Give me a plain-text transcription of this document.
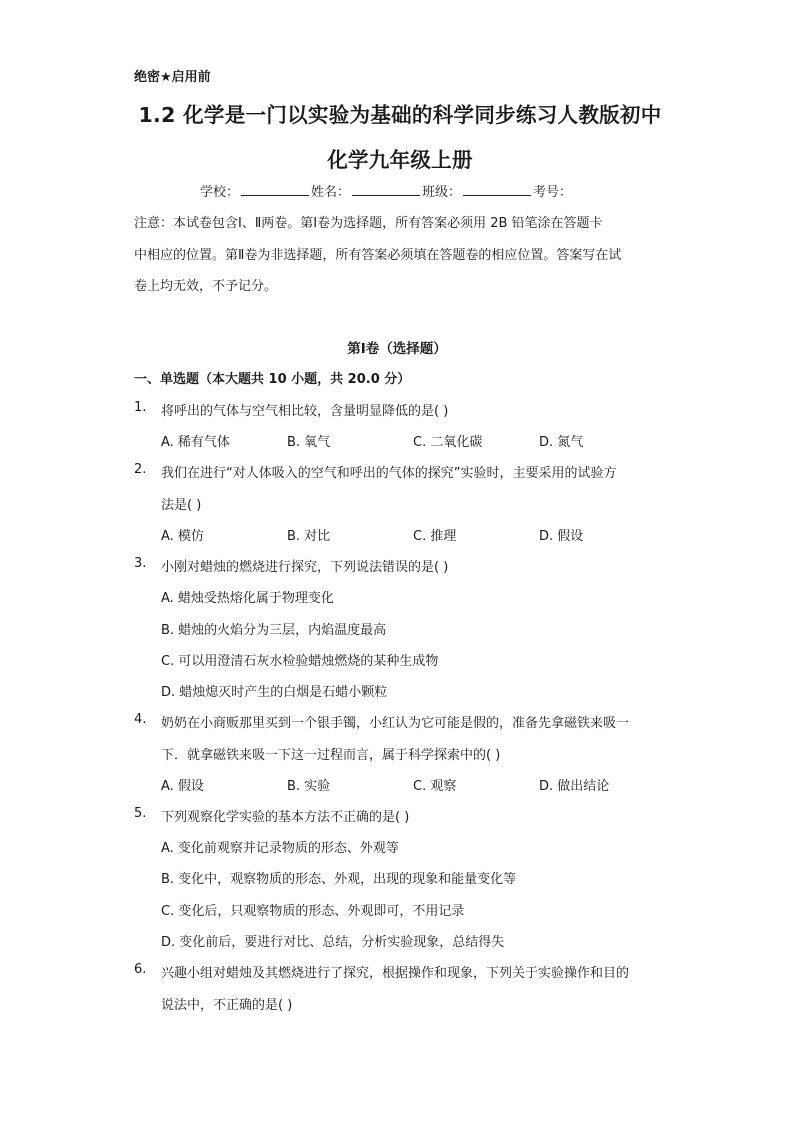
绝密★启用前
1.2 化学是一门以实验为基础的科学同步练习人教版初中
化学九年级上册
学校：	姓名：	班级：	考号：
注意：本试卷包含Ⅰ、Ⅱ两卷。第Ⅰ卷为选择题，所有答案必须用 2B 铅笔涂在答题卡
中相应的位置。第Ⅱ卷为非选择题，所有答案必须填在答题卷的相应位置。答案写在试
卷上均无效，不予记分。
第Ⅰ卷（选择题）
一、单选题（本大题共 10 小题，共 20.0 分）
1. 将呼出的气体与空气相比较，含量明显降低的是( )
A. 稀有气体	B. 氧气	C. 二氧化碳	D. 氮气
2. 我们在进行“对人体吸入的空气和呼出的气体的探究”实验时，主要采用的试验方
法是( )
A. 模仿	B. 对比	C. 推理	D. 假设
3. 小刚对蜡烛的燃烧进行探究，下列说法错误的是( )
A. 蜡烛受热熔化属于物理变化
B. 蜡烛的火焰分为三层，内焰温度最高
C. 可以用澄清石灰水检验蜡烛燃烧的某种生成物
D. 蜡烛熄灭时产生的白烟是石蜡小颗粒
4. 奶奶在小商贩那里买到一个银手镯，小红认为它可能是假的，准备先拿磁铁来吸一
下．就拿磁铁来吸一下这一过程而言，属于科学探索中的( )
A. 假设	B. 实验	C. 观察	D. 做出结论
5. 下列观察化学实验的基本方法不正确的是( )
A. 变化前观察并记录物质的形态、外观等
B. 变化中，观察物质的形态、外观，出现的现象和能量变化等
C. 变化后，只观察物质的形态、外观即可，不用记录
D. 变化前后，要进行对比、总结，分析实验现象，总结得失
6. 兴趣小组对蜡烛及其燃烧进行了探究，根据操作和现象，下列关于实验操作和目的
说法中，不正确的是( )
